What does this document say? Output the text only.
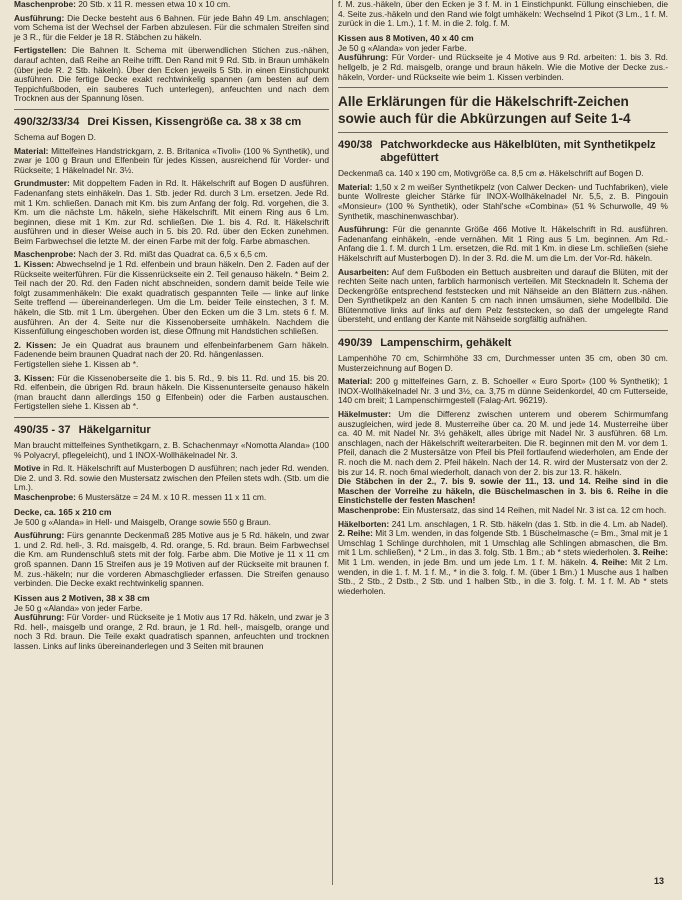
Maschenprobe: 20 Stb. x 11 R. messen etwa 10 x 10 cm.

Ausführung: Die Decke besteht aus 6 Bahnen. Für jede Bahn 49 Lm. anschlagen; vom Schema ist der Wechsel der Farben abzulesen. Für die schmalen Streifen sind je 3 R., für die Felder je 18 R. Stäbchen zu häkeln.

Fertigstellen: Die Bahnen lt. Schema mit überwendlichen Stichen zus.-nähen, darauf achten, daß Reihe an Reihe trifft. Den Rand mit 9 Rd. Stb. in Braun umhäkeln (über jede R. 2 Stb. häkeln). Über den Ecken jeweils 5 Stb. in einen Einstichpunkt ausführen. Die fertige Decke exakt rechtwinkelig spannen (am besten auf dem Teppichfußboden, ein sauberes Tuch unterlegen), anfeuchten und nach dem Trocknen aus der Spannung lösen.

490/32/33/34 Drei Kissen, Kissengröße ca. 38 x 38 cm

Schema auf Bogen D.

Material: Mittelfeines Handstrickgarn, z. B. Britanica «Tivoli» (100 % Synthetik), und zwar je 100 g Braun und Elfenbein für jedes Kissen, ausreichend für Vorder- und Rückseite; 1 Häkelnadel Nr. 3½.

Grundmuster: Mit doppeltem Faden in Rd. lt. Häkelschrift auf Bogen D ausführen. Fadenanfang stets einhäkeln. Das 1. Stb. jeder Rd. durch 3 Lm. ersetzen. Jede Rd. mit 1 Km. schließen. Danach mit Km. bis zum Anfang der folg. Rd. vorgehen, die 3. Km. um die nächste Lm. häkeln, siehe Häkelschrift. Mit einem Ring aus 6 Lm. beginnen, diese mit 1 Km. zur Rd. schließen. Die 1. bis 4. Rd. lt. Häkelschrift ausführen und in dieser Weise auch in 5. bis 20. Rd. über den Ecken zunehmen. Beim Farbwechsel die letzte M. der einen Farbe mit der folg. Farbe abmaschen.

Maschenprobe: Nach der 3. Rd. mißt das Quadrat ca. 6,5 x 6,5 cm.
1. Kissen: Abwechselnd je 1 Rd. elfenbein und braun häkeln. Den 2. Faden auf der Rückseite weiterführen. Für die Kissenrückseite ein 2. Teil genauso häkeln. * Beim 2. Teil nach der 20. Rd. den Faden nicht abschneiden, sondern damit beide Teile wie folgt zusammenhäkeln: Die exakt quadratisch gespannten Teile — linke auf linke Seite treffend — übereinanderlegen. Um die Lm. beider Teile einstechen, 3 f. M. häkeln, die Stb. mit 1 Lm. übergehen. Über den Ecken um die 3 Lm. stets 6 f. M. ausführen. An der 4. Seite nur die Kissenoberseite umhäkeln. Nachdem die Kissenfüllung eingeschoben worden ist, diese Öffnung mit Handstichen schließen.

2. Kissen: Je ein Quadrat aus braunem und elfenbeinfarbenem Garn häkeln. Fadenende beim braunen Quadrat nach der 20. Rd. hängenlassen.
Fertigstellen siehe 1. Kissen ab *.

3. Kissen: Für die Kissenoberseite die 1. bis 5. Rd., 9. bis 11. Rd. und 15. bis 20. Rd. elfenbein, die übrigen Rd. braun häkeln. Die Kissenunterseite genauso häkeln (man braucht dann allerdings 150 g Elfenbein) oder die Farben austauschen. Fertigstellen siehe 1. Kissen ab *.

490/35 - 37 Häkelgarnitur

Man braucht mittelfeines Synthetikgarn, z. B. Schachenmayr «Nomotta Alanda» (100 % Polyacryl, pflegeleicht), und 1 INOX-Wollhäkelnadel Nr. 3.

Motive in Rd. lt. Häkelschrift auf Musterbogen D ausführen; nach jeder Rd. wenden. Die 2. und 3. Rd. sowie den Mustersatz zwischen den Pfeilen stets wdh. (Stb. um die Lm.).
Maschenprobe: 6 Mustersätze = 24 M. x 10 R. messen 11 x 11 cm.

Decke, ca. 165 x 210 cm

Je 500 g «Alanda» in Hell- und Maisgelb, Orange sowie 550 g Braun.

Ausführung: Fürs genannte Deckenmaß 285 Motive aus je 5 Rd. häkeln, und zwar 1. und 2. Rd. hell-, 3. Rd. maisgelb, 4. Rd. orange, 5. Rd. braun. Beim Farbwechsel die Km. am Rundenschluß stets mit der folg. Farbe abm. Die Motive je 11 x 11 cm groß spannen. Dann 15 Streifen aus je 19 Motiven auf der Rückseite mit braunen f. M. zus.-häkeln; nur die vorderen Abmaschglieder erfassen. Die Streifen genauso verbinden. Die Decke exakt rechtwinkelig spannen.

Kissen aus 2 Motiven, 38 x 38 cm

Je 50 g «Alanda» von jeder Farbe.

Ausführung: Für Vorder- und Rückseite je 1 Motiv aus 17 Rd. häkeln, und zwar je 3 Rd. hell-, maisgelb und orange, 2 Rd. braun, je 1 Rd. hell-, maisgelb, orange und noch 3 Rd. braun. Die Teile exakt quadratisch spannen, anfeuchten und trocknen lassen. Links auf links übereinanderlegen und 3 Seiten mit braunen

f. M. zus.-häkeln, über den Ecken je 3 f. M. in 1 Einstichpunkt. Füllung einschieben, die 4. Seite zus.-häkeln und den Rand wie folgt umhäkeln: Wechselnd 1 Pikot (3 Lm., 1 f. M. zurück in die 1. Lm.), 1 f. M. in die 2. folg. f. M.

Kissen aus 8 Motiven, 40 x 40 cm

Je 50 g «Alanda» von jeder Farbe.

Ausführung: Für Vorder- und Rückseite je 4 Motive aus 9 Rd. arbeiten: 1. bis 3. Rd. hellgelb, je 2 Rd. maisgelb, orange und braun häkeln. Wie die Motive der Decke zus.-häkeln, Vorder- und Rückseite wie beim 1. Kissen verbinden.

Alle Erklärungen für die Häkelschrift-Zeichen sowie auch für die Abkürzungen auf Seite 1-4
490/38 Patchworkdecke aus Häkelblüten, mit Synthetikpelz abgefüttert

Deckenmaß ca. 140 x 190 cm, Motivgröße ca. 8,5 cm ⌀. Häkelschrift auf Bogen D.

Material: 1,50 x 2 m weißer Synthetikpelz (von Calwer Decken- und Tuchfabriken), viele bunte Wollreste gleicher Stärke für INOX-Wollhäkelnadel Nr. 5,5, z. B. Pingouin «Monsieur» (100 % Synthetik), oder Stahl'sche «Combina» (51 % Schurwolle, 49 % Synthetik, maschinenwaschbar).

Ausführung: Für die genannte Größe 466 Motive lt. Häkelschrift in Rd. ausführen. Fadenanfang einhäkeln, -ende vernähen. Mit 1 Ring aus 5 Lm. beginnen. Am Rd.-Anfang die 1. f. M. durch 1 Lm. ersetzen, die Rd. mit 1 Km. in diese Lm. schließen (siehe Häkelschrift auf Musterbogen D). In der 3. Rd. die M. um die Lm. der Vor-Rd. häkeln.

Ausarbeiten: Auf dem Fußboden ein Bettuch ausbreiten und darauf die Blüten, mit der rechten Seite nach unten, farblich harmonisch verteilen. Mit Stecknadeln lt. Schema der Deckengröße entsprechend feststecken und mit Nähseide an den Blättern zus.-nähen. Den Synthetikpelz an den Kanten 5 cm nach innen umsäumen, siehe Modellbild. Die Blütenmotive links auf links auf dem Pelz feststecken, so daß der umgelegte Rand übersteht, und entlang der Kante mit Nähseide sorgfältig aufnähen.

490/39 Lampenschirm, gehäkelt

Lampenhöhe 70 cm, Schirmhöhe 33 cm, Durchmesser unten 35 cm, oben 30 cm. Musterzeichnung auf Bogen D.

Material: 200 g mittelfeines Garn, z. B. Schoeller « Euro Sport» (100 % Synthetik); 1 INOX-Wollhäkelnadel Nr. 3 und 3½, ca. 3,75 m dünne Seidenkordel, 40 cm Futterseide, 140 cm breit; 1 Lampenschirmgestell (Falag-Art. 96219).

Häkelmuster: Um die Differenz zwischen unterem und oberem Schirmumfang auszugleichen, wird jede 8. Musterreihe über ca. 20 M. und jede 14. Musterreihe über ca. 40 M. mit Nadel Nr. 3½ gehäkelt, alles übrige mit Nadel Nr. 3 ausführen. 68 Lm. anschlagen, nach der Häkelschrift weiterarbeiten. Die R. beginnen mit den M. vor dem 1. Pfeil, danach die 2 Mustersätze von Pfeil bis Pfeil fortlaufend wiederholen, am Ende der R. noch die M. nach dem 2. Pfeil häkeln. Nach der 14. R. wird der Mustersatz von der 2. bis zur 14. R. noch 6mal wiederholt, danach von der 2. bis zur 13. R. häkeln.
Die Stäbchen in der 2., 7. bis 9. sowie der 11., 13. und 14. Reihe sind in die Maschen der Vorreihe zu häkeln, die Büschelmaschen in 3. bis 6. Reihe in die Einstichstelle der festen Maschen!
Maschenprobe: Ein Mustersatz, das sind 14 Reihen, mit Nadel Nr. 3 ist ca. 12 cm hoch.

Häkelborten: 241 Lm. anschlagen, 1 R. Stb. häkeln (das 1. Stb. in die 4. Lm. ab Nadel). 2. Reihe: Mit 3 Lm. wenden, in das folgende Stb. 1 Büschelmasche (= Bm., 3mal mit je 1 Umschlag 1 Schlinge durchholen, mit 1 Umschlag alle Schlingen abmaschen, die Bm. mit 1 Lm. schließen), * 2 Lm., in das 3. folg. Stb. 1 Bm.; ab * stets wiederholen. 3. Reihe: Mit 1 Lm. wenden, in jede Bm. und um jede Lm. 1 f. M. häkeln. 4. Reihe: Mit 2 Lm. wenden, in die 1. f. M. 1 f. M., * in die 3. folg. f. M. (über 1 Bm.) 1 Musche aus 1 halben Stb., 2 Stb., 2 Dstb., 2 Stb. und 1 halben Stb., in die 3. folg. f. M. 1 f. M. Ab * stets wiederholen.

13
